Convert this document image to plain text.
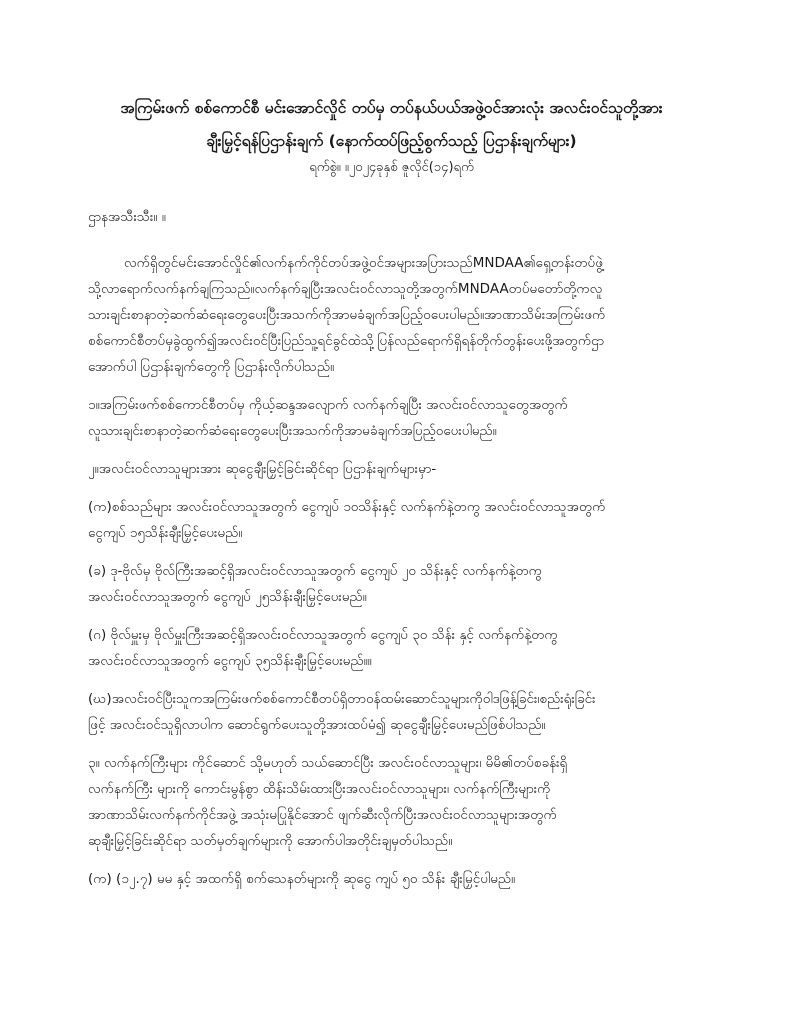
အကြမ်းဖက် စစ်ကောင်စီ မင်းအောင်လှိုင် တပ်မှ တပ်နယ်ပယ်အဖွဲ့ဝင်အားလုံး အလင်းဝင်သူတို့အား

ချီးမြှင့်ရန်ပြဌာန်းချက် (နောက်ထပ်ဖြည့်စွက်သည့် ပြဌာန်းချက်များ)

ရက်စွဲ။ ။၂၀၂၄ခုနှစ် ဇူလိုင်(၁၄)ရက်

ဌာနအသီးသီး။ ။

လက်ရှိတွင်မင်းအောင်လှိုင်၏လက်နက်ကိုင်တပ်အဖွဲ့ဝင်အများအပြားသည်MNDAA၏ရှေ့တန်းတပ်ဖွဲ့

သို့လာရောက်လက်နက်ချကြသည်။လက်နက်ချပြီးအလင်းဝင်လာသူတို့အတွက်MNDAAတပ်မတော်တို့ကလူ

သားချင်းစာနာတဲ့ဆက်ဆံရေးတွေပေးပြီးအသက်ကိုအာမခံချက်အပြည့်ဝပေးပါမည်။အာဏာသိမ်းအကြမ်းဖက်

စစ်ကောင်စီတပ်မှခွဲထွက်၍အလင်းဝင်ပြီးပြည်သူ့ရင်ခွင်ထဲသို့ပြန်လည်ရောက်ရှိရန်တိုက်တွန်းပေးဖို့အတွက်ဌာ

အောက်ပါ ပြဌာန်းချက်တွေကို ပြဌာန်းလိုက်ပါသည်။

၁။အကြမ်းဖက်စစ်ကောင်စီတပ်မှ ကိုယ့်ဆန္ဒအလျောက် လက်နက်ချပြီး အလင်းဝင်လာသူတွေအတွက်

လူသားချင်းစာနာတဲ့ဆက်ဆံရေးတွေပေးပြီးအသက်ကိုအာမခံချက်အပြည့်ဝပေးပါမည်။

၂။အလင်းဝင်လာသူများအား ဆုငွေချီးမြှင့်ခြင်းဆိုင်ရာ ပြဌာန်းချက်များမှာ-

(က)စစ်သည်များ အလင်းဝင်လာသူအတွက် ငွေကျပ် ၁၀သိန်းနှင့် လက်နက်နဲ့တကွ အလင်းဝင်လာသူအတွက်

ငွေကျပ် ၁၅သိန်းချီးမြှင့်ပေးမည်။

(ခ) ဒု-ဗိုလ်မှ ဗိုလ်ကြီးအဆင့်ရှိအလင်းဝင်လာသူအတွက် ငွေကျပ် ၂၀ သိန်းနှင့် လက်နက်နဲ့တကွ

အလင်းဝင်လာသူအတွက် ငွေကျပ် ၂၅သိန်းချီးမြှင့်ပေးမည်။

(ဂ) ဗိုလ်မှူးမှ ဗိုလ်မှူးကြီးအဆင့်ရှိအလင်းဝင်လာသူအတွက် ငွေကျပ် ၃၀ သိန်း နှင့် လက်နက်နဲ့တကွ

အလင်းဝင်လာသူအတွက် ငွေကျပ် ၃၅သိန်းချီးမြှင့်ပေးမည်။။

(ဃ)အလင်းဝင်ပြီးသူကအကြမ်းဖက်စစ်ကောင်စီတပ်ရှိတာဝန်ထမ်းဆောင်သူများကိုဝါဒဖြန့်ခြင်း၊စည်းရုံးခြင်း

ဖြင့် အလင်းဝင်သူရှိလာပါက ဆောင်ရွက်ပေးသူတို့အားထပ်မံ၍ ဆုငွေချီးမြှင့်ပေးမည်ဖြစ်ပါသည်။

၃။ လက်နက်ကြီးများ ကိုင်ဆောင် သို့မဟုတ် သယ်ဆောင်ပြီး အလင်းဝင်လာသူများ၊ မိမိ၏တပ်စခန်းရှိ

လက်နက်ကြီး များကို ကောင်းမွန်စွာ ထိန်းသိမ်းထားပြီးအလင်းဝင်လာသူများ၊ လက်နက်ကြီးများကို

အာဏာသိမ်းလက်နက်ကိုင်အဖွဲ့ အသုံးမပြုနိုင်အောင် ဖျက်ဆီးလိုက်ပြီးအလင်းဝင်လာသူများအတွက်

ဆုချီးမြှင့်ခြင်းဆိုင်ရာ သတ်မှတ်ချက်များကို အောက်ပါအတိုင်းချမှတ်ပါသည်။

(က) (၁၂.၇) မမ နှင့် အထက်ရှိ စက်သေနတ်များကို ဆုငွေ ကျပ် ၅၀ သိန်း ချီးမြှင့်ပါမည်။
